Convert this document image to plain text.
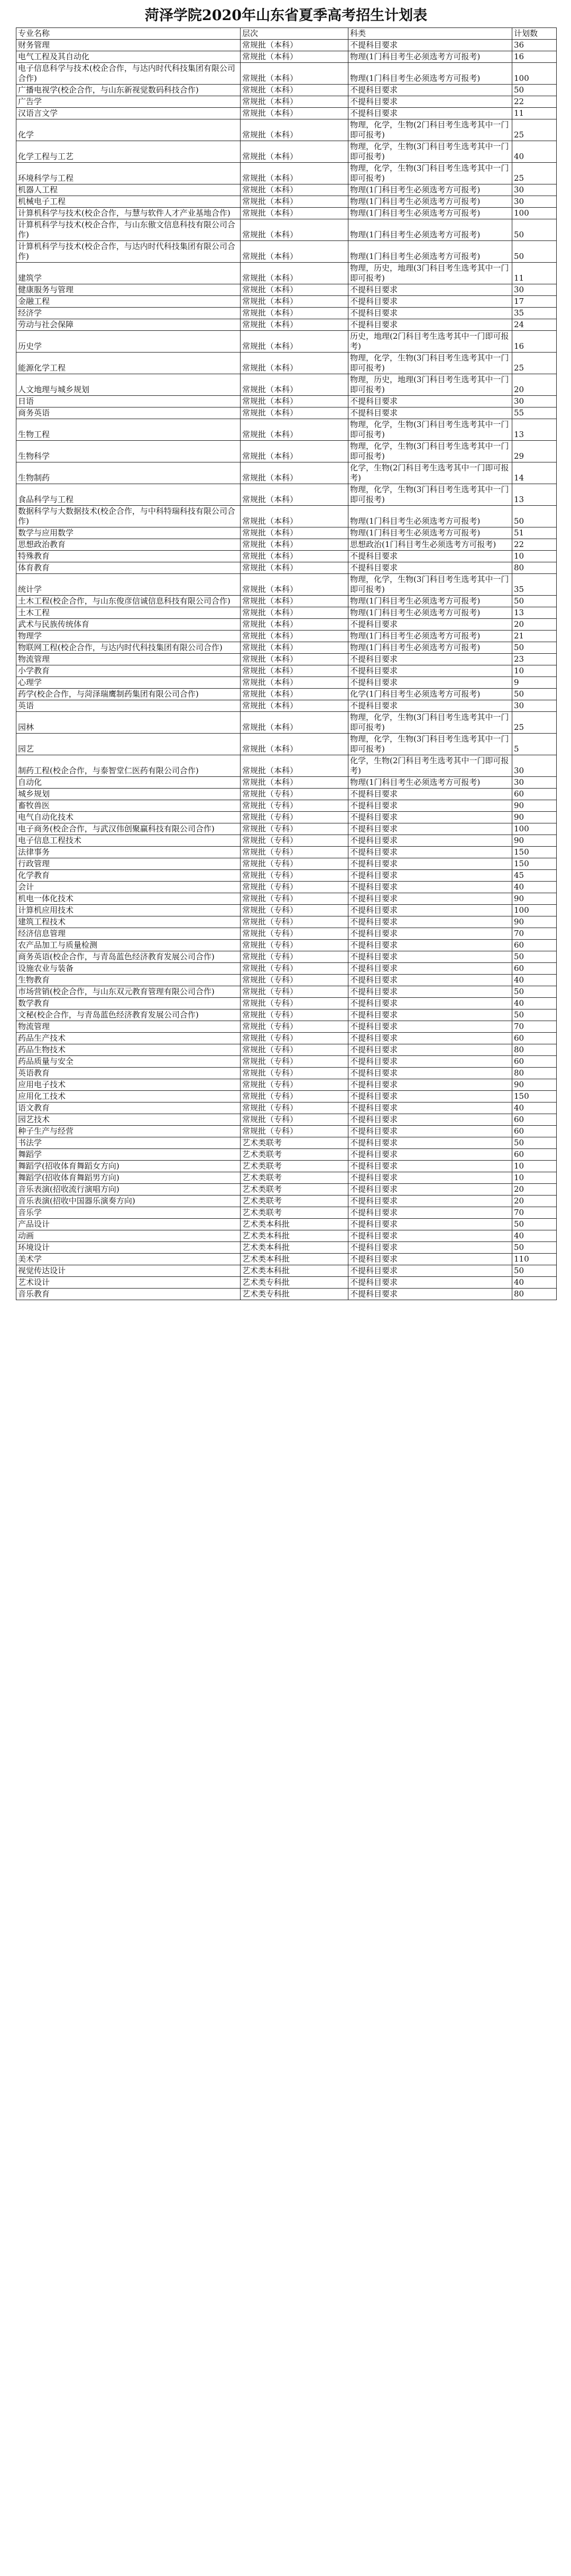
菏泽学院2020年山东省夏季高考招生计划表
专业名称	层次	科类	计划数
财务管理	常规批（本科）	不提科目要求	36
电气工程及其自动化	常规批（本科）	物理(1门科目考生必须选考方可报考)	16
电子信息科学与技术(校企合作，与达内时代科技集团有限公司合作)	常规批（本科）	物理(1门科目考生必须选考方可报考)	100
广播电视学(校企合作，与山东新视觉数码科技合作)	常规批（本科）	不提科目要求	50
广告学	常规批（本科）	不提科目要求	22
汉语言文学	常规批（本科）	不提科目要求	11
化学	常规批（本科）	物理，化学，生物(2门科目考生选考其中一门即可报考)	25
化学工程与工艺	常规批（本科）	物理，化学，生物(3门科目考生选考其中一门即可报考)	40
环境科学与工程	常规批（本科）	物理，化学，生物(3门科目考生选考其中一门即可报考)	25
机器人工程	常规批（本科）	物理(1门科目考生必须选考方可报考)	30
机械电子工程	常规批（本科）	物理(1门科目考生必须选考方可报考)	30
计算机科学与技术(校企合作，与慧与软件人才产业基地合作)	常规批（本科）	物理(1门科目考生必须选考方可报考)	100
计算机科学与技术(校企合作，与山东傲文信息科技有限公司合作)	常规批（本科）	物理(1门科目考生必须选考方可报考)	50
计算机科学与技术(校企合作，与达内时代科技集团有限公司合作)	常规批（本科）	物理(1门科目考生必须选考方可报考)	50
建筑学	常规批（本科）	物理，历史，地理(3门科目考生选考其中一门即可报考)	11
健康服务与管理	常规批（本科）	不提科目要求	30
金融工程	常规批（本科）	不提科目要求	17
经济学	常规批（本科）	不提科目要求	35
劳动与社会保障	常规批（本科）	不提科目要求	24
历史学	常规批（本科）	历史，地理(2门科目考生选考其中一门即可报考)	16
能源化学工程	常规批（本科）	物理，化学，生物(3门科目考生选考其中一门即可报考)	25
人文地理与城乡规划	常规批（本科）	物理，历史，地理(3门科目考生选考其中一门即可报考)	20
日语	常规批（本科）	不提科目要求	30
商务英语	常规批（本科）	不提科目要求	55
生物工程	常规批（本科）	物理，化学，生物(3门科目考生选考其中一门即可报考)	13
生物科学	常规批（本科）	物理，化学，生物(3门科目考生选考其中一门即可报考)	29
生物制药	常规批（本科）	化学，生物(2门科目考生选考其中一门即可报考)	14
食品科学与工程	常规批（本科）	物理，化学，生物(3门科目考生选考其中一门即可报考)	13
数据科学与大数据技术(校企合作，与中科特瑞科技有限公司合作)	常规批（本科）	物理(1门科目考生必须选考方可报考)	50
数学与应用数学	常规批（本科）	物理(1门科目考生必须选考方可报考)	51
思想政治教育	常规批（本科）	思想政治(1门科目考生必须选考方可报考)	22
特殊教育	常规批（本科）	不提科目要求	10
体育教育	常规批（本科）	不提科目要求	80
统计学	常规批（本科）	物理，化学，生物(3门科目考生选考其中一门即可报考)	35
土木工程(校企合作，与山东俊彦信诚信息科技有限公司合作)	常规批（本科）	物理(1门科目考生必须选考方可报考)	50
土木工程	常规批（本科）	物理(1门科目考生必须选考方可报考)	13
武术与民族传统体育	常规批（本科）	不提科目要求	20
物理学	常规批（本科）	物理(1门科目考生必须选考方可报考)	21
物联网工程(校企合作，与达内时代科技集团有限公司合作)	常规批（本科）	物理(1门科目考生必须选考方可报考)	50
物流管理	常规批（本科）	不提科目要求	23
小学教育	常规批（本科）	不提科目要求	10
心理学	常规批（本科）	不提科目要求	9
药学(校企合作，与菏泽瑞鹰制药集团有限公司合作)	常规批（本科）	化学(1门科目考生必须选考方可报考)	50
英语	常规批（本科）	不提科目要求	30
园林	常规批（本科）	物理，化学，生物(3门科目考生选考其中一门即可报考)	25
园艺	常规批（本科）	物理，化学，生物(3门科目考生选考其中一门即可报考)	5
制药工程(校企合作，与泰智堂仁医药有限公司合作)	常规批（本科）	化学，生物(2门科目考生选考其中一门即可报考)	30
自动化	常规批（本科）	物理(1门科目考生必须选考方可报考)	30
城乡规划	常规批（专科）	不提科目要求	60
畜牧兽医	常规批（专科）	不提科目要求	90
电气自动化技术	常规批（专科）	不提科目要求	90
电子商务(校企合作，与武汉伟创聚赢科技有限公司合作)	常规批（专科）	不提科目要求	100
电子信息工程技术	常规批（专科）	不提科目要求	90
法律事务	常规批（专科）	不提科目要求	150
行政管理	常规批（专科）	不提科目要求	150
化学教育	常规批（专科）	不提科目要求	45
会计	常规批（专科）	不提科目要求	40
机电一体化技术	常规批（专科）	不提科目要求	90
计算机应用技术	常规批（专科）	不提科目要求	100
建筑工程技术	常规批（专科）	不提科目要求	90
经济信息管理	常规批（专科）	不提科目要求	70
农产品加工与质量检测	常规批（专科）	不提科目要求	60
商务英语(校企合作，与青岛蓝色经济教育发展公司合作)	常规批（专科）	不提科目要求	50
设施农业与装备	常规批（专科）	不提科目要求	60
生物教育	常规批（专科）	不提科目要求	40
市场营销(校企合作，与山东双元教育管理有限公司合作)	常规批（专科）	不提科目要求	50
数学教育	常规批（专科）	不提科目要求	40
文秘(校企合作，与青岛蓝色经济教育发展公司合作)	常规批（专科）	不提科目要求	50
物流管理	常规批（专科）	不提科目要求	70
药品生产技术	常规批（专科）	不提科目要求	60
药品生物技术	常规批（专科）	不提科目要求	80
药品质量与安全	常规批（专科）	不提科目要求	60
英语教育	常规批（专科）	不提科目要求	80
应用电子技术	常规批（专科）	不提科目要求	90
应用化工技术	常规批（专科）	不提科目要求	150
语文教育	常规批（专科）	不提科目要求	40
园艺技术	常规批（专科）	不提科目要求	60
种子生产与经营	常规批（专科）	不提科目要求	60
书法学	艺术类联考	不提科目要求	50
舞蹈学	艺术类联考	不提科目要求	60
舞蹈学(招收体育舞蹈女方向)	艺术类联考	不提科目要求	10
舞蹈学(招收体育舞蹈男方向)	艺术类联考	不提科目要求	10
音乐表演(招收流行演唱方向)	艺术类联考	不提科目要求	20
音乐表演(招收中国器乐演奏方向)	艺术类联考	不提科目要求	20
音乐学	艺术类联考	不提科目要求	70
产品设计	艺术类本科批	不提科目要求	50
动画	艺术类本科批	不提科目要求	40
环境设计	艺术类本科批	不提科目要求	50
美术学	艺术类本科批	不提科目要求	110
视觉传达设计	艺术类本科批	不提科目要求	50
艺术设计	艺术类专科批	不提科目要求	40
音乐教育	艺术类专科批	不提科目要求	80
